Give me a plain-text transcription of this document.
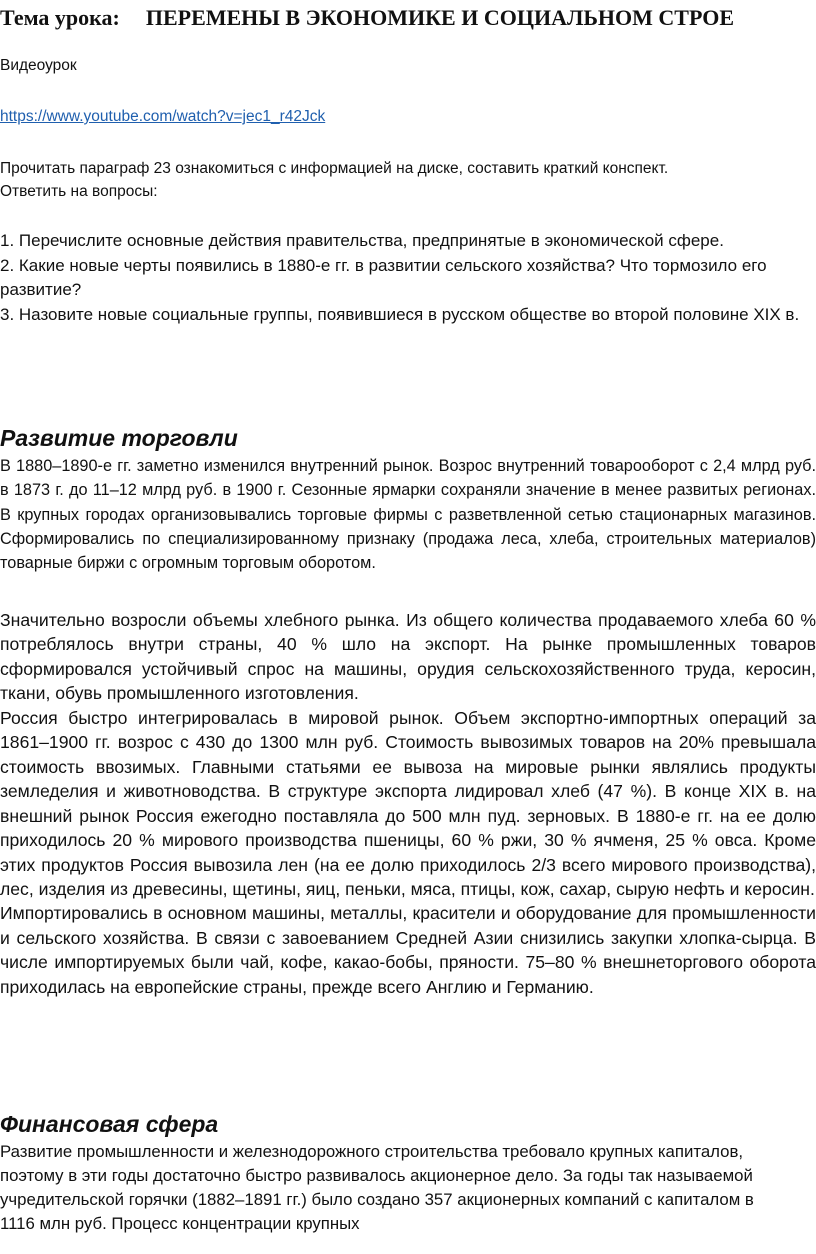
Тема урока: ПЕРЕМЕНЫ В ЭКОНОМИКЕ И СОЦИАЛЬНОМ СТРОЕ
Видеоурок
https://www.youtube.com/watch?v=jec1_r42Jck
Прочитать параграф 23 ознакомиться с информацией на диске, составить краткий конспект.
Ответить на вопросы:

1. Перечислите основные действия правительства, предпринятые в экономической сфере.

2. Какие новые черты появились в 1880-е гг. в развитии сельского хозяйства? Что тормозило его развитие?

3. Назовите новые социальные группы, появившиеся в русском обществе во второй половине XIX в.

Развитие торговли

В 1880–1890-е гг. заметно изменился внутренний рынок. Возрос внутренний товарооборот с 2,4 млрд руб. в 1873 г. до 11–12 млрд руб. в 1900 г. Сезонные ярмарки сохраняли значение в менее развитых регионах. В крупных городах организовывались торговые фирмы с разветвленной сетью стационарных магазинов. Сформировались по специализированному признаку (продажа леса, хлеба, строительных материалов) товарные биржи с огромным торговым оборотом.

Значительно возросли объемы хлебного рынка. Из общего количества продаваемого хлеба 60 % потреблялось внутри страны, 40 % шло на экспорт. На рынке промышленных товаров сформировался устойчивый спрос на машины, орудия сельскохозяйственного труда, керосин, ткани, обувь промышленного изготовления.

Россия быстро интегрировалась в мировой рынок. Объем экспортно-импортных операций за 1861–1900 гг. возрос с 430 до 1300 млн руб. Стоимость вывозимых товаров на 20% превышала стоимость ввозимых. Главными статьями ее вывоза на мировые рынки являлись продукты земледелия и животноводства. В структуре экспорта лидировал хлеб (47 %). В конце XIX в. на внешний рынок Россия ежегодно поставляла до 500 млн пуд. зерновых. В 1880-е гг. на ее долю приходилось 20 % мирового производства пшеницы, 60 % ржи, 30 % ячменя, 25 % овса. Кроме этих продуктов Россия вывозила лен (на ее долю приходилось 2/3 всего мирового производства), лес, изделия из древесины, щетины, яиц, пеньки, мяса, птицы, кож, сахар, сырую нефть и керосин.

Импортировались в основном машины, металлы, красители и оборудование для промышленности и сельского хозяйства. В связи с завоеванием Средней Азии снизились закупки хлопка-сырца. В числе импортируемых были чай, кофе, какао-бобы, пряности. 75–80 % внешнеторгового оборота приходилась на европейские страны, прежде всего Англию и Германию.

Финансовая сфера

Развитие промышленности и железнодорожного строительства требовало крупных капиталов, поэтому в эти годы достаточно быстро развивалось акционерное дело. За годы так называемой учредительской горячки (1882–1891 гг.) было создано 357 акционерных компаний с капиталом в 1116 млн руб. Процесс концентрации крупных
